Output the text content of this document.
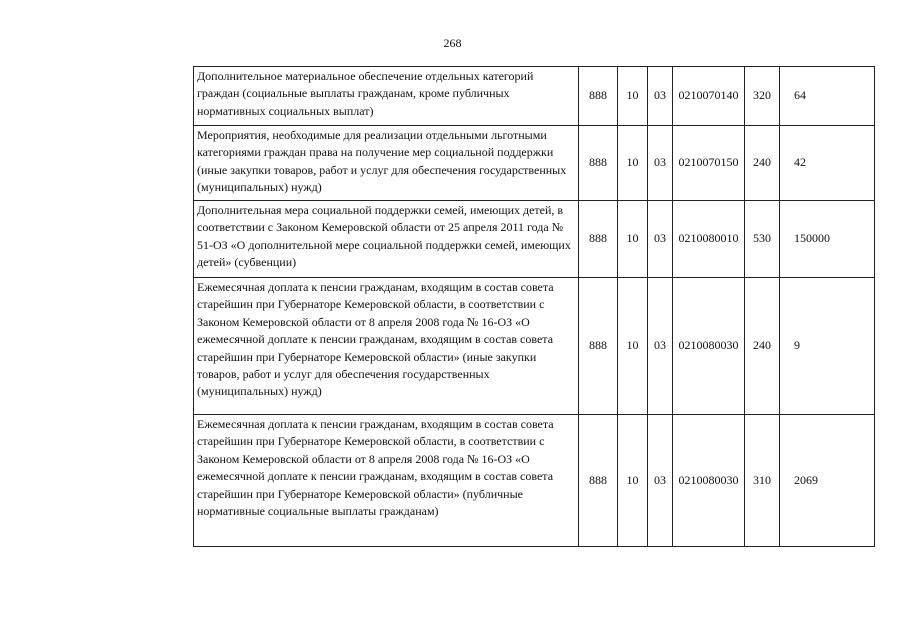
268
Дополнительное материальное обеспечение отдельных категорий граждан (социальные выплаты гражданам, кроме публичных нормативных социальных выплат)	888	10	03	0210070140	320	64
Мероприятия, необходимые для реализации отдельными льготными категориями граждан права на получение мер социальной поддержки (иные закупки товаров, работ и услуг для обеспечения государственных (муниципальных) нужд)	888	10	03	0210070150	240	42
Дополнительная мера социальной поддержки семей, имеющих детей, в соответствии с Законом Кемеровской области от 25 апреля 2011 года № 51-ОЗ «О дополнительной мере социальной поддержки семей, имеющих детей» (субвенции)	888	10	03	0210080010	530	150000
Ежемесячная доплата к пенсии гражданам, входящим в состав совета старейшин при Губернаторе Кемеровской области, в соответствии с Законом Кемеровской области от 8 апреля 2008 года № 16-ОЗ «О ежемесячной доплате к пенсии гражданам, входящим в состав совета старейшин при Губернаторе Кемеровской области» (иные закупки товаров, работ и услуг для обеспечения государственных (муниципальных) нужд)	888	10	03	0210080030	240	9
Ежемесячная доплата к пенсии гражданам, входящим в состав совета старейшин при Губернаторе Кемеровской области, в соответствии с Законом Кемеровской области от 8 апреля 2008 года № 16-ОЗ «О ежемесячной доплате к пенсии гражданам, входящим в состав совета старейшин при Губернаторе Кемеровской области» (публичные нормативные социальные выплаты гражданам)	888	10	03	0210080030	310	2069
